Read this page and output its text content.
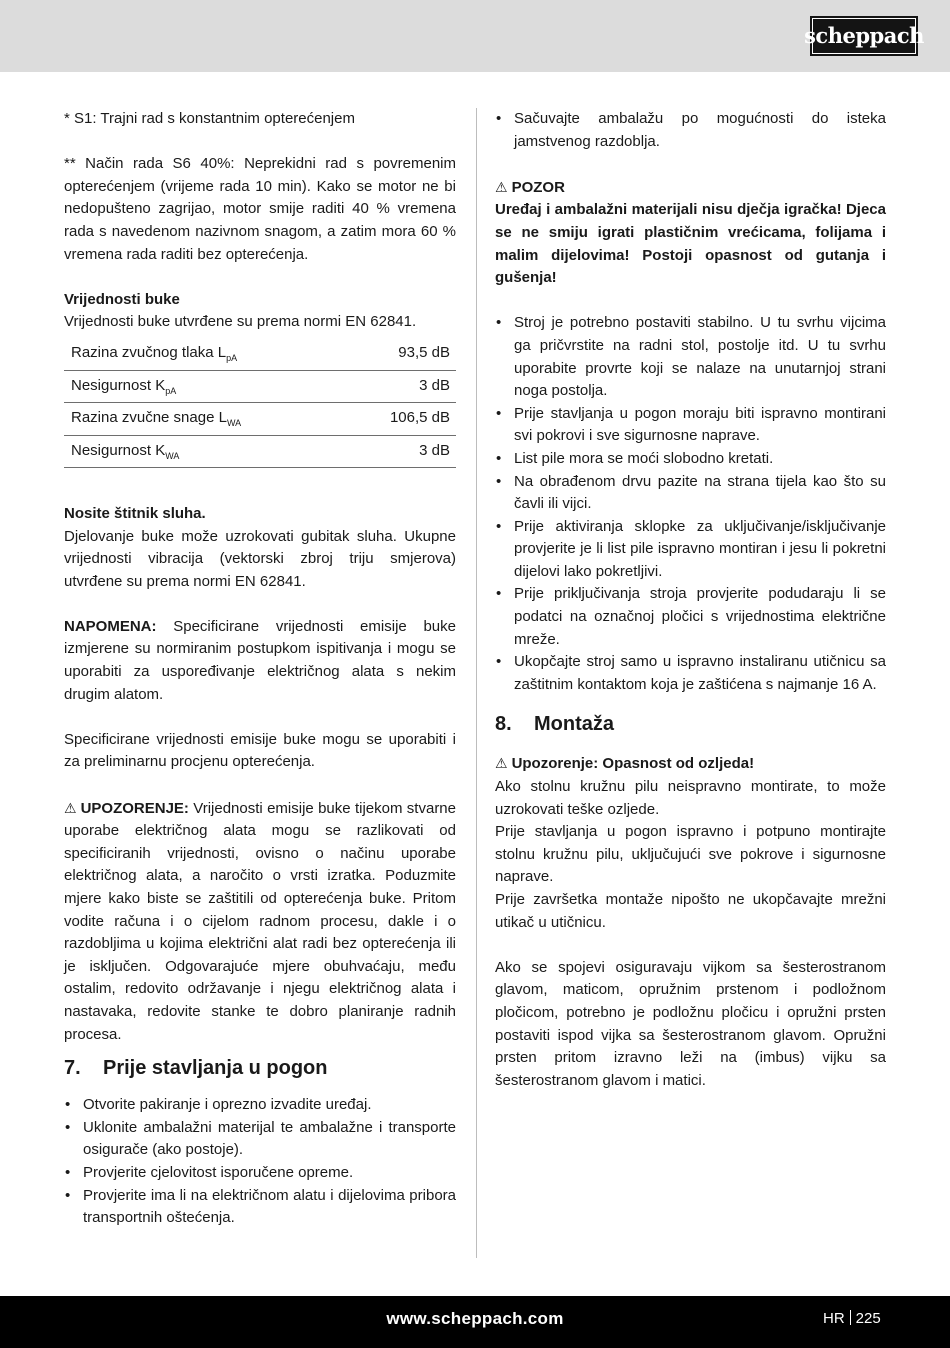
scheppach

* S1: Trajni rad s konstantnim opterećenjem

** Način rada S6 40%: Neprekidni rad s povremenim opterećenjem (vrijeme rada 10 min). Kako se motor ne bi nedopušteno zagrijao, motor smije raditi 40 % vremena rada s navedenom nazivnom snagom, a zatim mora 60 % vremena rada raditi bez opterećenja.

Vrijednosti buke

Vrijednosti buke utvrđene su prema normi EN 62841.

Razina zvučnog tlaka $L_{pA}$	93,5 dB
Nesigurnost $K_{pA}$	3 dB
Razina zvučne snage $L_{WA}$	106,5 dB
Nesigurnost $K_{WA}$	3 dB

Nosite štitnik sluha.

Djelovanje buke može uzrokovati gubitak sluha. Ukupne vrijednosti vibracija (vektorski zbroj triju smjerova) utvrđene su prema normi EN 62841.

NAPOMENA: Specificirane vrijednosti emisije buke izmjerene su normiranim postupkom ispitivanja i mogu se uporabiti za uspoređivanje električnog alata s nekim drugim alatom.

Specificirane vrijednosti emisije buke mogu se uporabiti i za preliminarnu procjenu opterećenja.

⚠ UPOZORENJE: Vrijednosti emisije buke tijekom stvarne uporabe električnog alata mogu se razlikovati od specificiranih vrijednosti, ovisno o načinu uporabe električnog alata, a naročito o vrsti izratka. Poduzmite mjere kako biste se zaštitili od opterećenja buke. Pritom vodite računa i o cijelom radnom procesu, dakle i o razdobljima u kojima električni alat radi bez opterećenja ili je isključen. Odgovarajuće mjere obuhvaćaju, među ostalim, redovito održavanje i njegu električnog alata i nastavaka, redovite stanke te dobro planiranje radnih procesa.

7. Prije stavljanja u pogon
• Otvorite pakiranje i oprezno izvadite uređaj.
• Uklonite ambalažni materijal te ambalažne i transporte osigurače (ako postoje).
• Provjerite cjelovitost isporučene opreme.
• Provjerite ima li na električnom alatu i dijelovima pribora transportnih oštećenja.
• Sačuvajte ambalažu po mogućnosti do isteka jamstvenog razdoblja.

⚠ POZOR

Uređaj i ambalažni materijali nisu dječja igračka! Djeca se ne smiju igrati plastičnim vrećicama, folijama i malim dijelovima! Postoji opasnost od gutanja i gušenja!

• Stroj je potrebno postaviti stabilno. U tu svrhu vijcima ga pričvrstite na radni stol, postolje itd. U tu svrhu uporabite provrte koji se nalaze na unutarnjoj strani noga postolja.
• Prije stavljanja u pogon moraju biti ispravno montirani svi pokrovi i sve sigurnosne naprave.
• List pile mora se moći slobodno kretati.
• Na obrađenom drvu pazite na strana tijela kao što su čavli ili vijci.
• Prije aktiviranja sklopke za uključivanje/isključivanje provjerite je li list pile ispravno montiran i jesu li pokretni dijelovi lako pokretljivi.
• Prije priključivanja stroja provjerite podudaraju li se podatci na označnoj pločici s vrijednostima električne mreže.
• Ukopčajte stroj samo u ispravno instaliranu utičnicu sa zaštitnim kontaktom koja je zaštićena s najmanje 16 A.
8. Montaža

⚠ Upozorenje: Opasnost od ozljeda!

Ako stolnu kružnu pilu neispravno montirate, to može uzrokovati teške ozljede.

Prije stavljanja u pogon ispravno i potpuno montirajte stolnu kružnu pilu, uključujući sve pokrove i sigurnosne naprave.

Prije završetka montaže nipošto ne ukopčavajte mrežni utikač u utičnicu.

Ako se spojevi osiguravaju vijkom sa šesterostranom glavom, maticom, opružnim prstenom i podložnom pločicom, potrebno je podložnu pločicu i opružni prsten postaviti ispod vijka sa šesterostranom glavom. Opružni prsten pritom izravno leži na (imbus) vijku sa šesterostranom glavom i matici.

www.scheppach.com	HR 225
